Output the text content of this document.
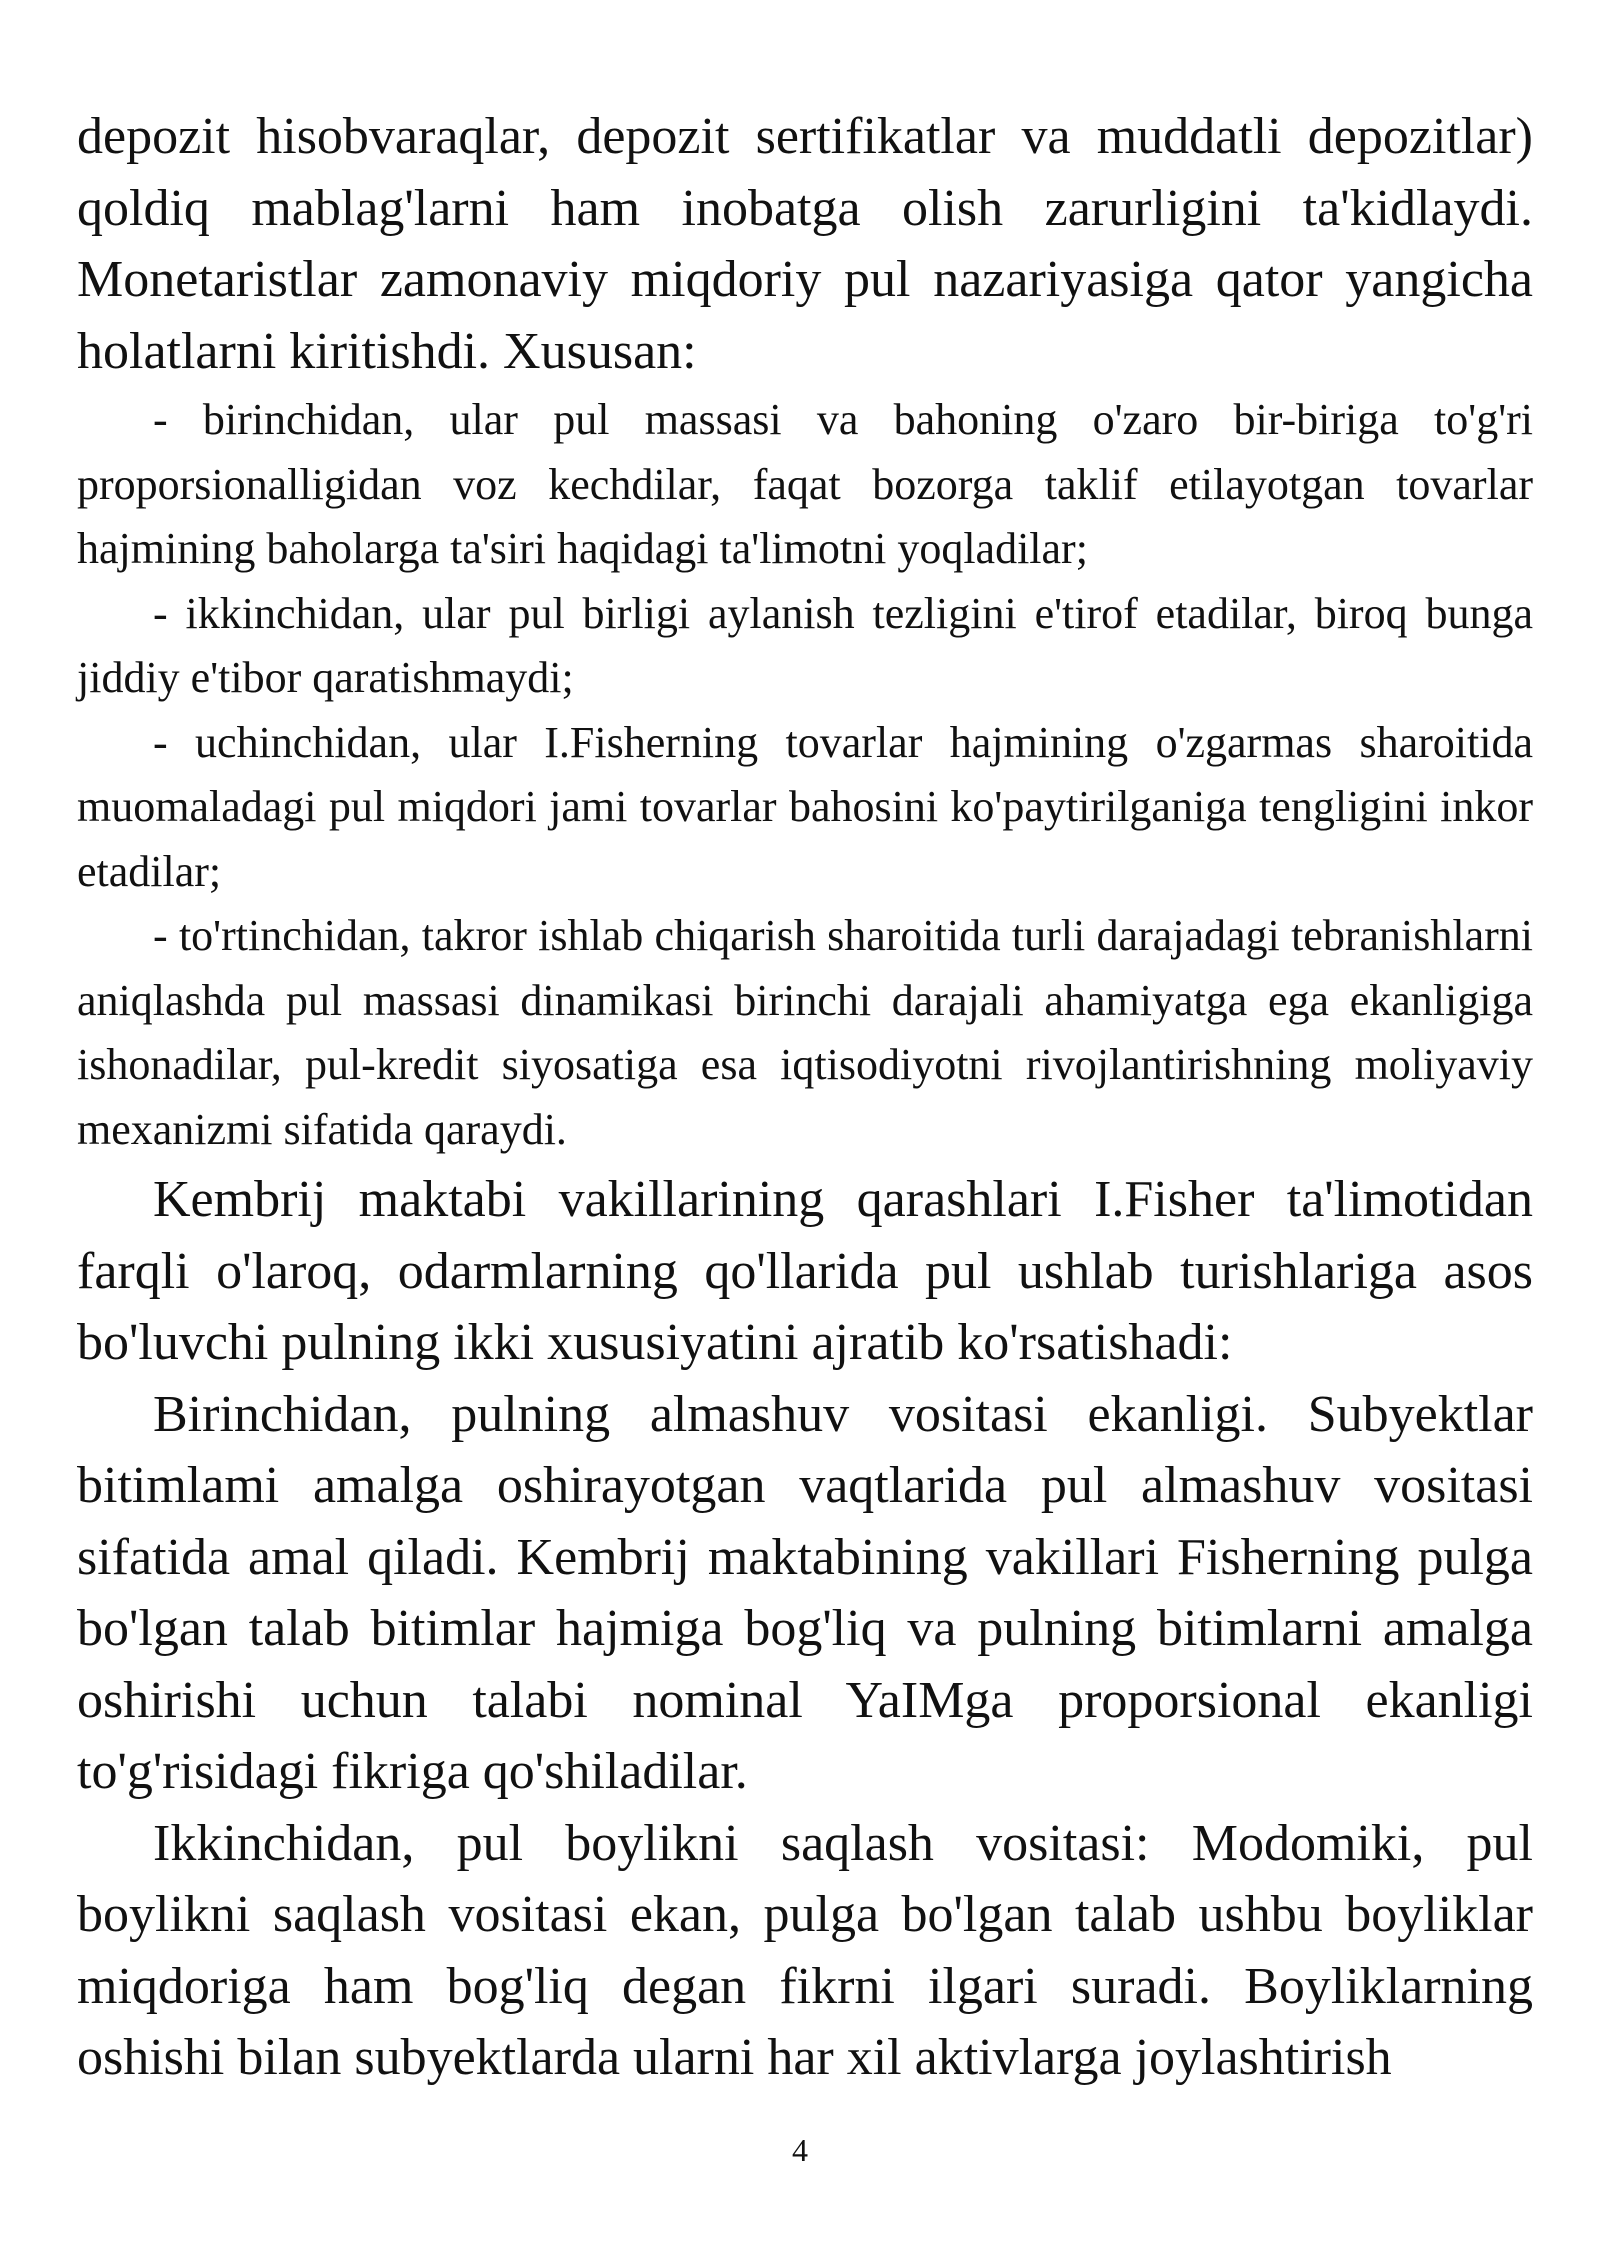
depozit hisobvaraqlar, depozit sertifikatlar va muddatli depozitlar) qoldiq mablag'larni ham inobatga olish zarurligini ta'kidlaydi. Monetaristlar zamonaviy miqdoriy pul nazariyasiga qator yangicha holatlarni kiritishdi. Xususan:

- birinchidan, ular pul massasi va bahoning o'zaro bir-biriga to'g'ri proporsionalligidan voz kechdilar, faqat bozorga taklif etilayotgan tovarlar hajmining baholarga ta'siri haqidagi ta'limotni yoqladilar;

- ikkinchidan, ular pul birligi aylanish tezligini e'tirof etadilar, biroq bunga jiddiy e'tibor qaratishmaydi;

- uchinchidan, ular I.Fisherning tovarlar hajmining o'zgarmas sharoitida muomaladagi pul miqdori jami tovarlar bahosini ko'paytirilganiga tengligini inkor etadilar;

- to'rtinchidan, takror ishlab chiqarish sharoitida turli darajadagi tebranishlarni aniqlashda pul massasi dinamikasi birinchi darajali ahamiyatga ega ekanligiga ishonadilar, pul-kredit siyosatiga esa iqtisodiyotni rivojlantirishning moliyaviy mexanizmi sifatida qaraydi.

Kembrij maktabi vakillarining qarashlari I.Fisher ta'limotidan farqli o'laroq, odarmlarning qo'llarida pul ushlab turishlariga asos bo'luvchi pulning ikki xususiyatini ajratib ko'rsatishadi:

Birinchidan, pulning almashuv vositasi ekanligi. Subyektlar bitimlami amalga oshirayotgan vaqtlarida pul almashuv vositasi sifatida amal qiladi. Kembrij maktabining vakillari Fisherning pulga bo'lgan talab bitimlar hajmiga bog'liq va pulning bitimlarni amalga oshirishi uchun talabi nominal YaIMga proporsional ekanligi to'g'risidagi fikriga qo'shiladilar.

Ikkinchidan, pul boylikni saqlash vositasi: Modomiki, pul boylikni saqlash vositasi ekan, pulga bo'lgan talab ushbu boyliklar miqdoriga ham bog'liq degan fikrni ilgari suradi. Boyliklarning oshishi bilan subyektlarda ularni har xil aktivlarga joylashtirish

4
